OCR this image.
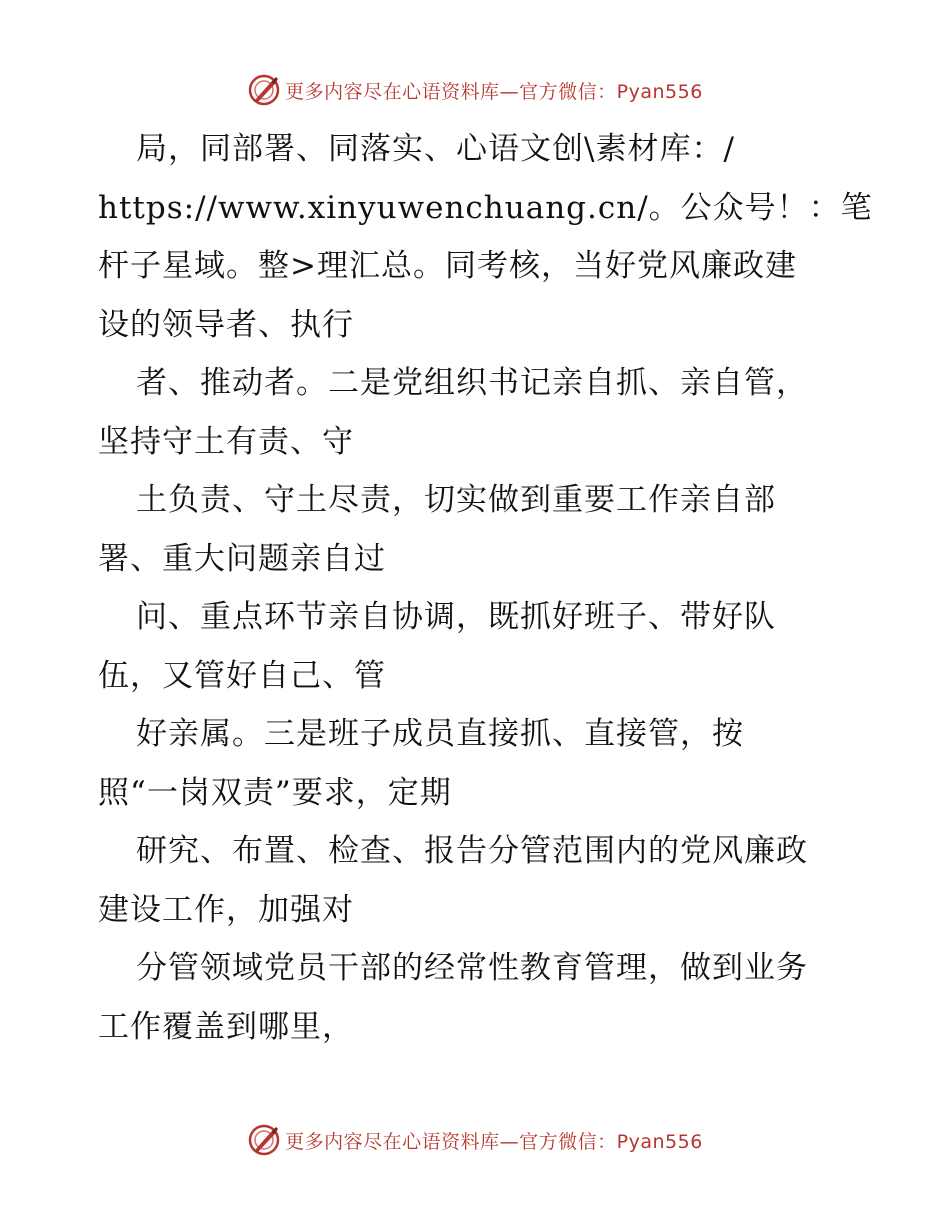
更多内容尽在心语资料库—官方微信：Pyan556
局，同部署、同落实、心语文创\素材库：/
https://www.xinyuwenchuang.cn/。公众号！：笔
杆子星域。整>理汇总。同考核，当好党风廉政建
设的领导者、执行
者、推动者。二是党组织书记亲自抓、亲自管，
坚持守土有责、守
土负责、守土尽责，切实做到重要工作亲自部
署、重大问题亲自过
问、重点环节亲自协调，既抓好班子、带好队
伍，又管好自己、管
好亲属。三是班子成员直接抓、直接管，按
照“一岗双责”要求，定期
研究、布置、检查、报告分管范围内的党风廉政
建设工作，加强对
分管领域党员干部的经常性教育管理，做到业务
工作覆盖到哪里，
更多内容尽在心语资料库—官方微信：Pyan556
